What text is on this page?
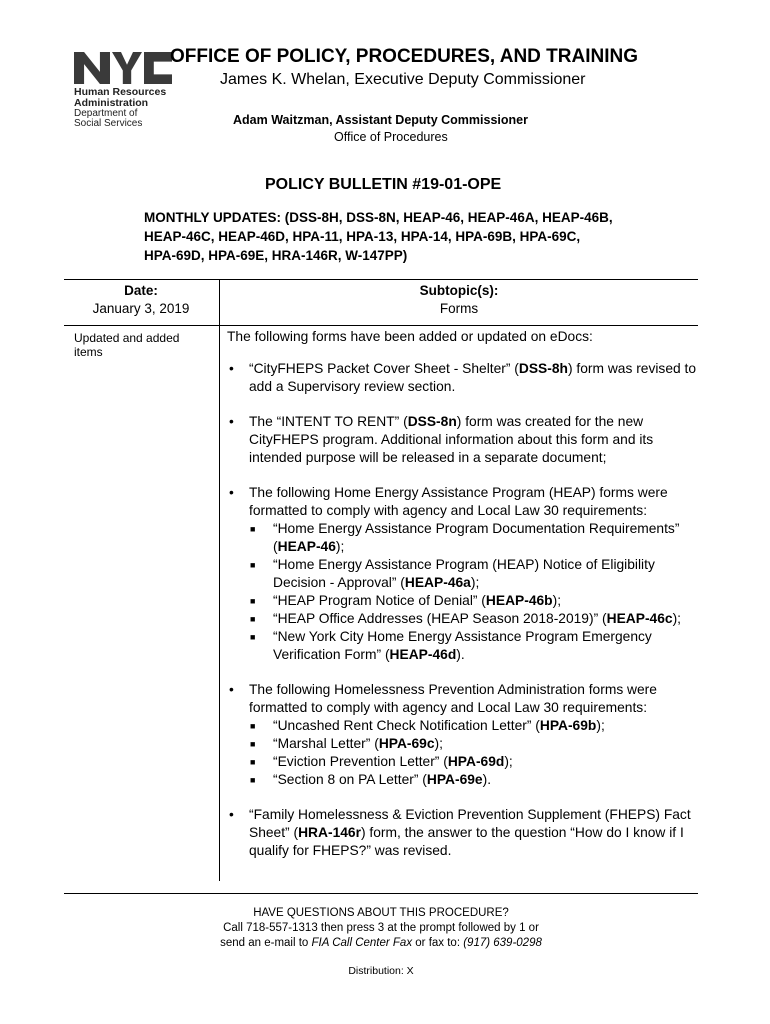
Human Resources
Administration
Department of
Social Services
OFFICE OF POLICY, PROCEDURES, AND TRAINING
James K. Whelan, Executive Deputy Commissioner
Adam Waitzman, Assistant Deputy Commissioner
Office of Procedures
POLICY BULLETIN #19-01-OPE
MONTHLY UPDATES: (DSS-8H, DSS-8N, HEAP-46, HEAP-46A, HEAP-46B,
HEAP-46C, HEAP-46D, HPA-11, HPA-13, HPA-14, HPA-69B, HPA-69C,
HPA-69D, HPA-69E, HRA-146R, W-147PP)
Date:
January 3, 2019
Subtopic(s):
Forms
Updated and added items

The following forms have been added or updated on eDocs:

• “CityFHEPS Packet Cover Sheet - Shelter” (DSS-8h) form was revised to add a Supervisory review section.
• The “INTENT TO RENT” (DSS-8n) form was created for the new CityFHEPS program. Additional information about this form and its intended purpose will be released in a separate document;
• The following Home Energy Assistance Program (HEAP) forms were formatted to comply with agency and Local Law 30 requirements:
■ “Home Energy Assistance Program Documentation Requirements” (HEAP-46);
■ “Home Energy Assistance Program (HEAP) Notice of Eligibility Decision - Approval” (HEAP-46a);
■ “HEAP Program Notice of Denial” (HEAP-46b);
■ “HEAP Office Addresses (HEAP Season 2018-2019)” (HEAP-46c);
■ “New York City Home Energy Assistance Program Emergency Verification Form” (HEAP-46d).
• The following Homelessness Prevention Administration forms were formatted to comply with agency and Local Law 30 requirements:
■ “Uncashed Rent Check Notification Letter” (HPA-69b);
■ “Marshal Letter” (HPA-69c);
■ “Eviction Prevention Letter” (HPA-69d);
■ “Section 8 on PA Letter” (HPA-69e).
• “Family Homelessness & Eviction Prevention Supplement (FHEPS) Fact Sheet” (HRA-146r) form, the answer to the question “How do I know if I qualify for FHEPS?” was revised.
HAVE QUESTIONS ABOUT THIS PROCEDURE?
Call 718-557-1313 then press 3 at the prompt followed by 1 or
send an e-mail to FIA Call Center Fax or fax to: (917) 639-0298
Distribution: X
